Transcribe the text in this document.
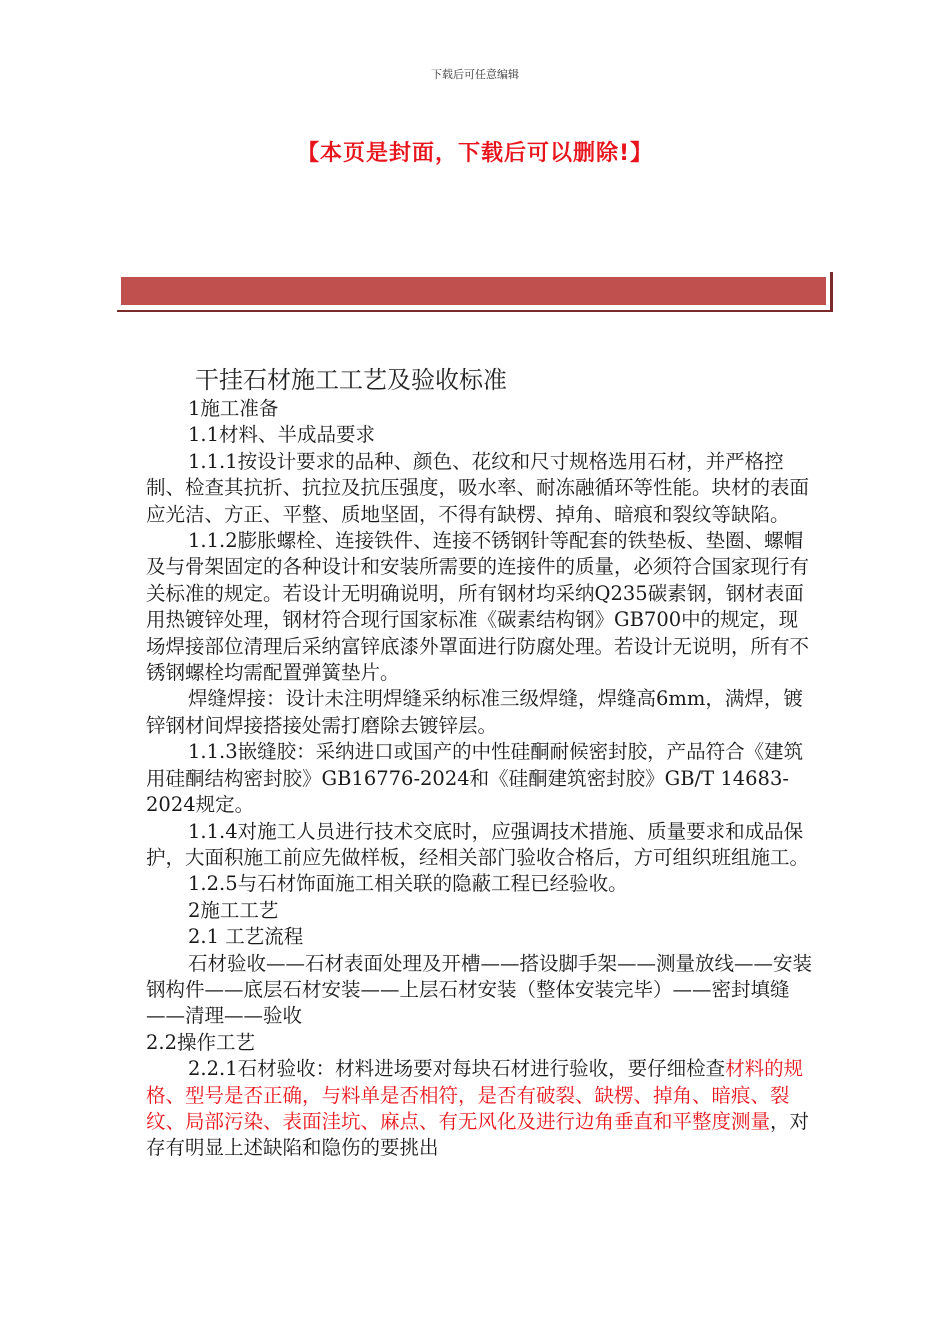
下载后可任意编辑
【本页是封面，下载后可以删除!】
干挂石材施工工艺及验收标准

1施工准备

1.1材料、半成品要求

1.1.1按设计要求的品种、颜色、花纹和尺寸规格选用石材，并严格控制、检查其抗折、抗拉及抗压强度，吸水率、耐冻融循环等性能。块材的表面应光洁、方正、平整、质地坚固，不得有缺楞、掉角、暗痕和裂纹等缺陷。

1.1.2膨胀螺栓、连接铁件、连接不锈钢针等配套的铁垫板、垫圈、螺帽及与骨架固定的各种设计和安装所需要的连接件的质量，必须符合国家现行有关标准的规定。若设计无明确说明，所有钢材均采纳Q235碳素钢，钢材表面用热镀锌处理，钢材符合现行国家标准《碳素结构钢》GB700中的规定，现场焊接部位清理后采纳富锌底漆外罩面进行防腐处理。若设计无说明，所有不锈钢螺栓均需配置弹簧垫片。

焊缝焊接：设计未注明焊缝采纳标准三级焊缝，焊缝高6mm，满焊，镀锌钢材间焊接搭接处需打磨除去镀锌层。

1.1.3嵌缝胶：采纳进口或国产的中性硅酮耐候密封胶，产品符合《建筑用硅酮结构密封胶》GB16776-2024和《硅酮建筑密封胶》GB/T 14683-2024规定。

1.1.4对施工人员进行技术交底时，应强调技术措施、质量要求和成品保护，大面积施工前应先做样板，经相关部门验收合格后，方可组织班组施工。

1.2.5与石材饰面施工相关联的隐蔽工程已经验收。

2施工工艺

2.1 工艺流程

石材验收——石材表面处理及开槽——搭设脚手架——测量放线——安装钢构件——底层石材安装——上层石材安装（整体安装完毕）——密封填缝——清理——验收

2.2操作工艺

2.2.1石材验收：材料进场要对每块石材进行验收，要仔细检查材料的规格、型号是否正确，与料单是否相符，是否有破裂、缺楞、掉角、暗痕、裂纹、局部污染、表面洼坑、麻点、有无风化及进行边角垂直和平整度测量，对存有明显上述缺陷和隐伤的要挑出
